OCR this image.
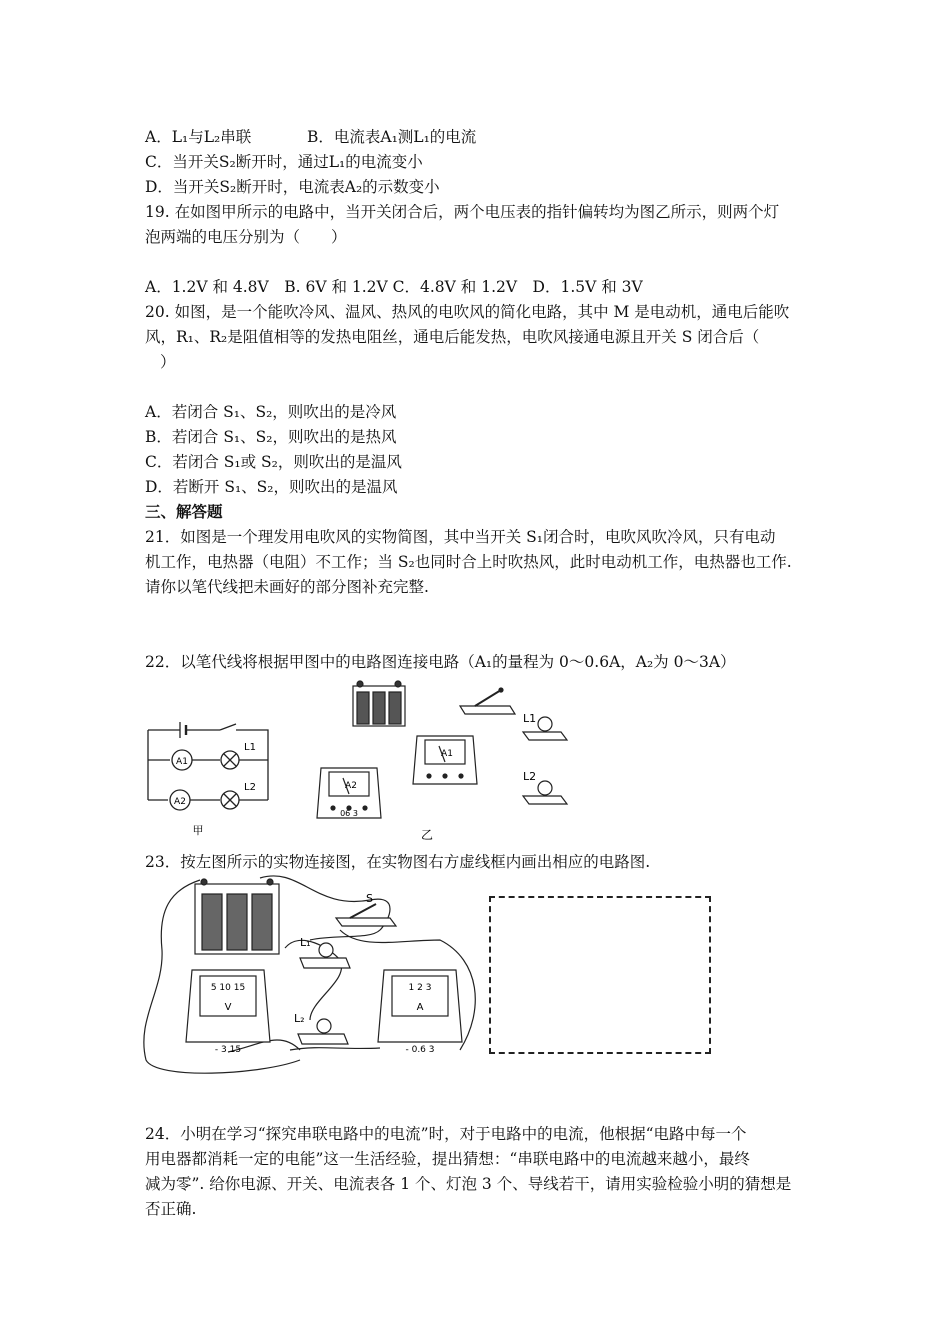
A．L₁与L₂串联	B．电流表A₁测L₁的电流
C．当开关S₂断开时，通过L₁的电流变小
D．当开关S₂断开时，电流表A₂的示数变小
19. 在如图甲所示的电路中，当开关闭合后，两个电压表的指针偏转均为图乙所示，则两个灯
泡两端的电压分别为（　　）
A．1.2V 和 4.8V　B. 6V 和 1.2V C．4.8V 和 1.2V　D．1.5V 和 3V
20. 如图，是一个能吹冷风、温风、热风的电吹风的简化电路，其中 M 是电动机，通电后能吹
风，R₁、R₂是阻值相等的发热电阻丝，通电后能发热，电吹风接通电源且开关 S 闭合后（
）
A．若闭合 S₁、S₂，则吹出的是冷风
B．若闭合 S₁、S₂，则吹出的是热风
C．若闭合 S₁或 S₂，则吹出的是温风
D．若断开 S₁、S₂，则吹出的是温风
三、解答题
21．如图是一个理发用电吹风的实物简图，其中当开关 S₁闭合时，电吹风吹冷风，只有电动
机工作，电热器（电阻）不工作；当 S₂也同时合上时吹热风，此时电动机工作，电热器也工作.
请你以笔代线把未画好的部分图补充完整.
22．以笔代线将根据甲图中的电路图连接电路（A₁的量程为 0～0.6A，A₂为 0～3A）
A1
A2
L1
L2
甲
L1
L2
A1
A2
06 3
乙
23．按左图所示的实物连接图，在实物图右方虚线框内画出相应的电路图.
S
L₁
5 10 15
V
- 3 15
L₂
1 2 3
A
- 0.6 3
24．小明在学习“探究串联电路中的电流”时，对于电路中的电流，他根据“电路中每一个
用电器都消耗一定的电能”这一生活经验，提出猜想：“串联电路中的电流越来越小，最终
减为零”. 给你电源、开关、电流表各 1 个、灯泡 3 个、导线若干，请用实验检验小明的猜想是
否正确.
